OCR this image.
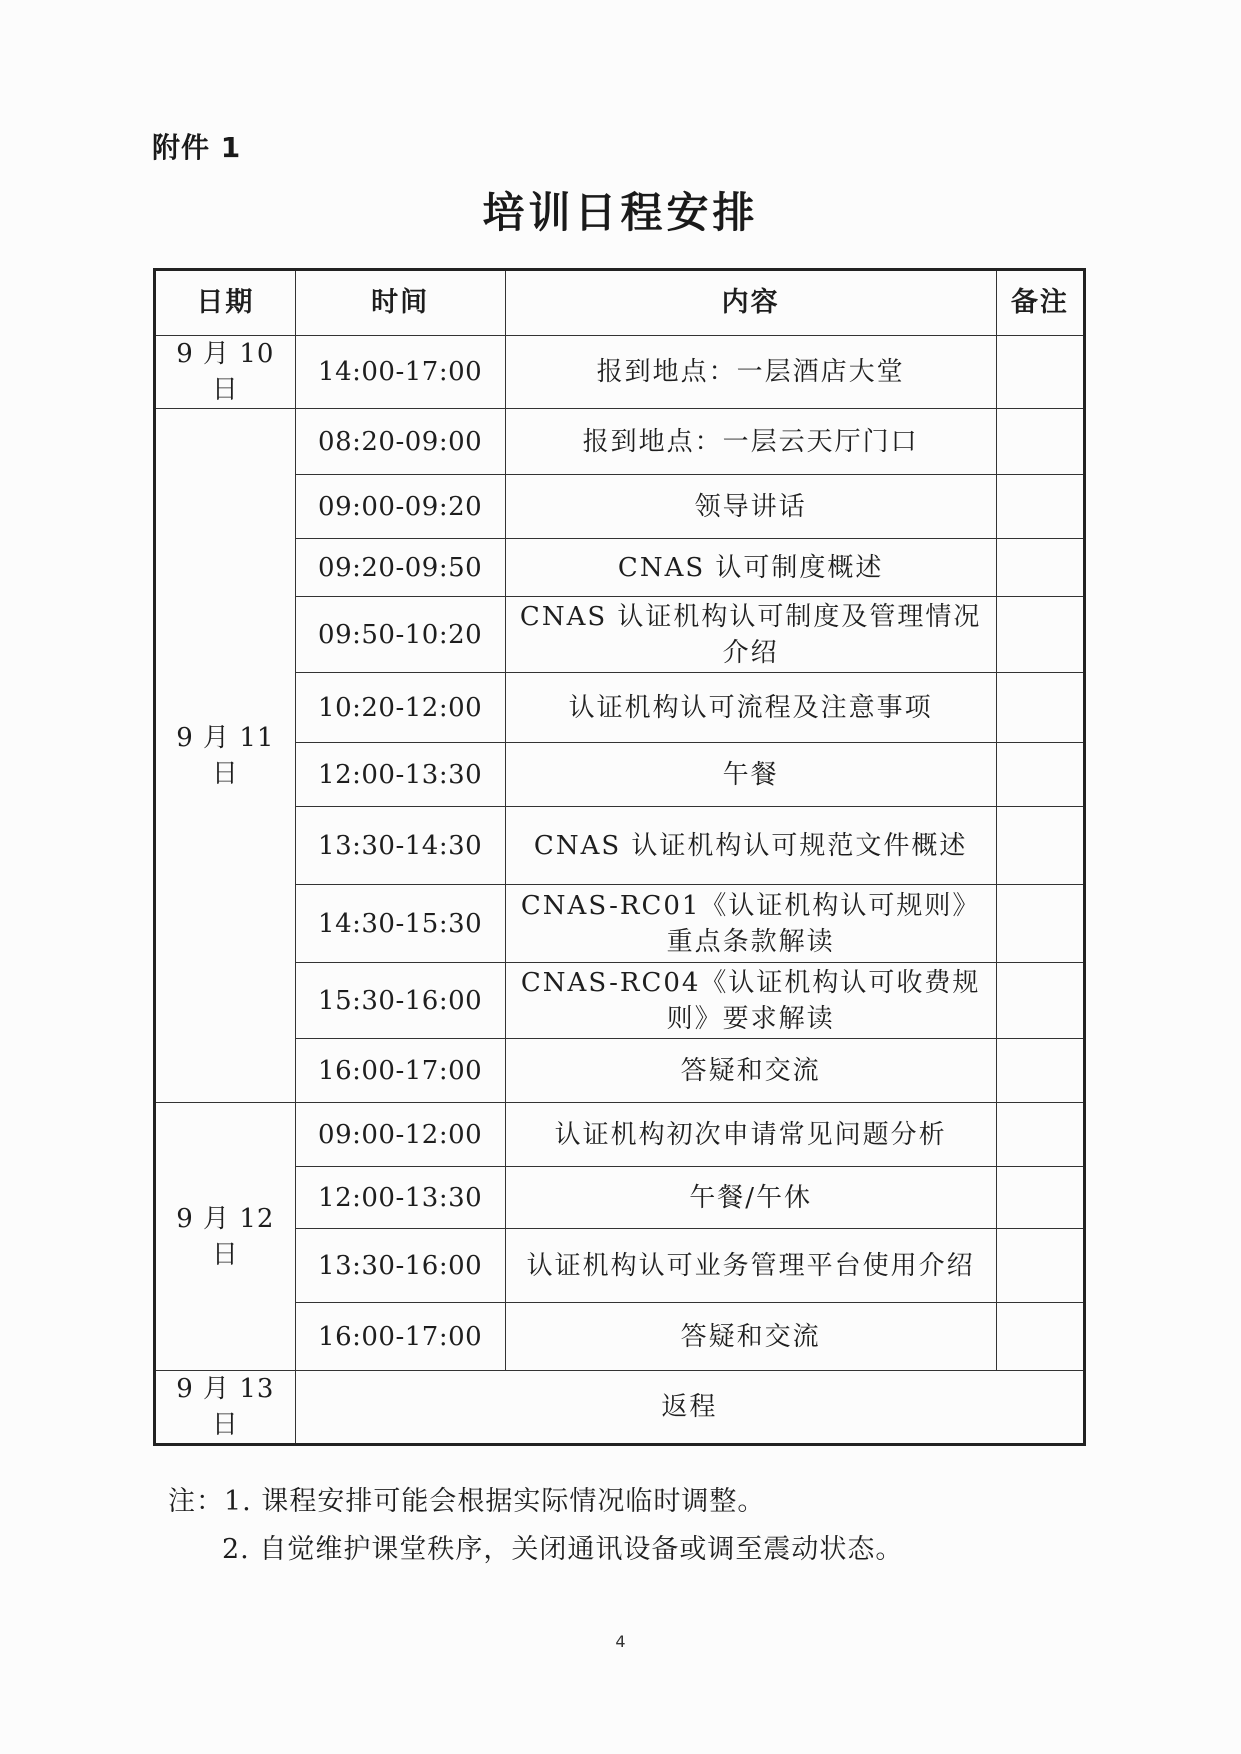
附件 1
培训日程安排
日期	时间	内容	备注
9 月 10 日	14:00-17:00	报到地点：一层酒店大堂	
9 月 11 日	08:20-09:00	报到地点：一层云天厅门口	
	09:00-09:20	领导讲话	
	09:20-09:50	CNAS 认可制度概述	
	09:50-10:20	CNAS 认证机构认可制度及管理情况介绍	
	10:20-12:00	认证机构认可流程及注意事项	
	12:00-13:30	午餐	
	13:30-14:30	CNAS 认证机构认可规范文件概述	
	14:30-15:30	CNAS-RC01《认证机构认可规则》重点条款解读	
	15:30-16:00	CNAS-RC04《认证机构认可收费规则》要求解读	
	16:00-17:00	答疑和交流	
9 月 12 日	09:00-12:00	认证机构初次申请常见问题分析	
	12:00-13:30	午餐/午休	
	13:30-16:00	认证机构认可业务管理平台使用介绍	
	16:00-17:00	答疑和交流	
9 月 13 日	返程		
注：1. 课程安排可能会根据实际情况临时调整。
2. 自觉维护课堂秩序，关闭通讯设备或调至震动状态。
4
